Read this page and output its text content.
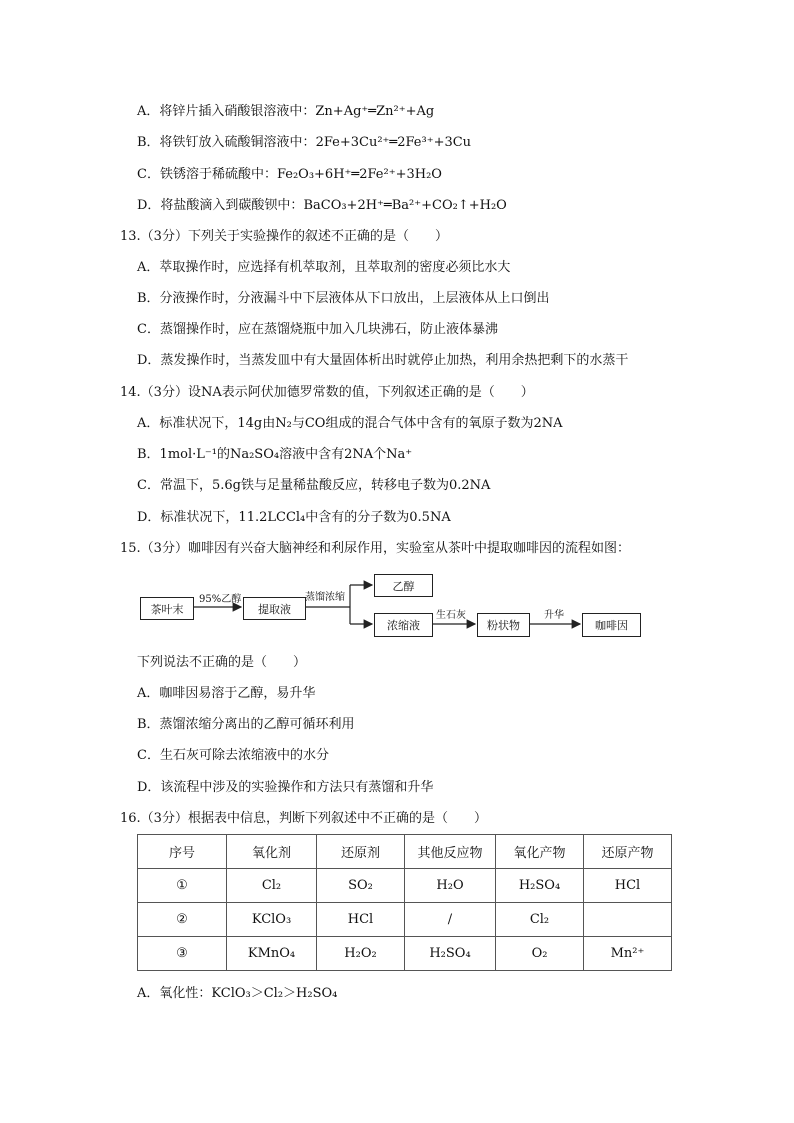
A．将锌片插入硝酸银溶液中：Zn+Ag⁺═Zn²⁺+Ag
B．将铁钉放入硫酸铜溶液中：2Fe+3Cu²⁺═2Fe³⁺+3Cu
C．铁锈溶于稀硫酸中：Fe₂O₃+6H⁺═2Fe²⁺+3H₂O
D．将盐酸滴入到碳酸钡中：BaCO₃+2H⁺═Ba²⁺+CO₂↑+H₂O
13.（3分）下列关于实验操作的叙述不正确的是（　　）
A．萃取操作时，应选择有机萃取剂，且萃取剂的密度必须比水大
B．分液操作时，分液漏斗中下层液体从下口放出，上层液体从上口倒出
C．蒸馏操作时，应在蒸馏烧瓶中加入几块沸石，防止液体暴沸
D．蒸发操作时，当蒸发皿中有大量固体析出时就停止加热，利用余热把剩下的水蒸干
14.（3分）设NA表示阿伏加德罗常数的值，下列叙述正确的是（　　）
A．标准状况下，14g由N₂与CO组成的混合气体中含有的氧原子数为2NA
B．1mol·L⁻¹的Na₂SO₄溶液中含有2NA个Na⁺
C．常温下，5.6g铁与足量稀盐酸反应，转移电子数为0.2NA
D．标准状况下，11.2LCCl₄中含有的分子数为0.5NA
15.（3分）咖啡因有兴奋大脑神经和利尿作用，实验室从茶叶中提取咖啡因的流程如图：
茶叶末
95%乙醇
提取液
蒸馏浓缩
乙醇
浓缩液
生石灰
粉状物
升华
咖啡因
下列说法不正确的是（　　）
A．咖啡因易溶于乙醇，易升华
B．蒸馏浓缩分离出的乙醇可循环利用
C．生石灰可除去浓缩液中的水分
D．该流程中涉及的实验操作和方法只有蒸馏和升华
16.（3分）根据表中信息，判断下列叙述中不正确的是（　　）
序号	氧化剂	还原剂	其他反应物	氧化产物	还原产物
①	Cl₂	SO₂	H₂O	H₂SO₄	HCl
②	KClO₃	HCl	/	Cl₂	
③	KMnO₄	H₂O₂	H₂SO₄	O₂	Mn²⁺
A．氧化性：KClO₃＞Cl₂＞H₂SO₄
